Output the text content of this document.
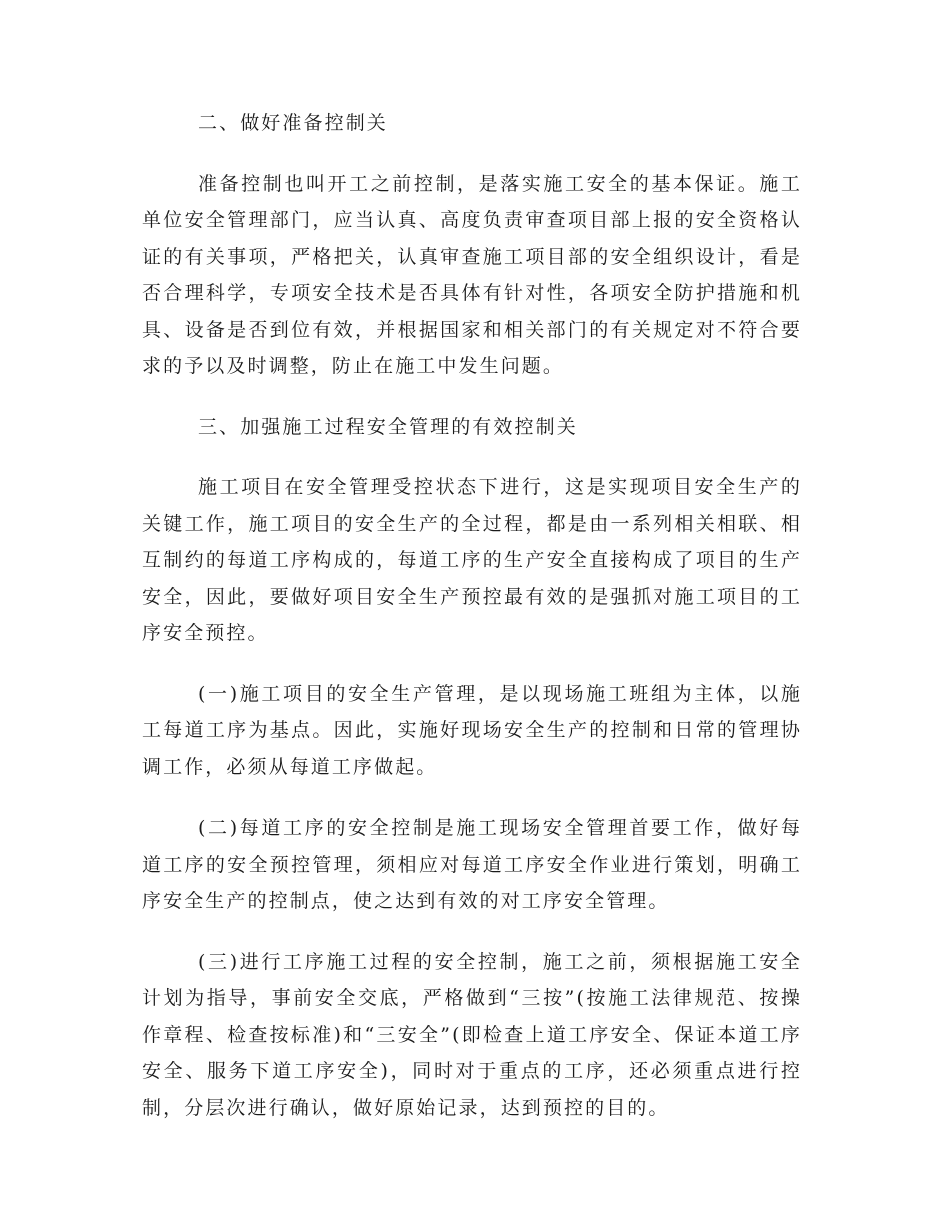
二、做好准备控制关

准备控制也叫开工之前控制，是落实施工安全的基本保证。施工单位安全管理部门，应当认真、高度负责审查项目部上报的安全资格认证的有关事项，严格把关，认真审查施工项目部的安全组织设计，看是否合理科学，专项安全技术是否具体有针对性，各项安全防护措施和机具、设备是否到位有效，并根据国家和相关部门的有关规定对不符合要求的予以及时调整，防止在施工中发生问题。

三、加强施工过程安全管理的有效控制关

施工项目在安全管理受控状态下进行，这是实现项目安全生产的关键工作，施工项目的安全生产的全过程，都是由一系列相关相联、相互制约的每道工序构成的，每道工序的生产安全直接构成了项目的生产安全，因此，要做好项目安全生产预控最有效的是强抓对施工项目的工序安全预控。

(一)施工项目的安全生产管理，是以现场施工班组为主体，以施工每道工序为基点。因此，实施好现场安全生产的控制和日常的管理协调工作，必须从每道工序做起。

(二)每道工序的安全控制是施工现场安全管理首要工作，做好每道工序的安全预控管理，须相应对每道工序安全作业进行策划，明确工序安全生产的控制点，使之达到有效的对工序安全管理。

(三)进行工序施工过程的安全控制，施工之前，须根据施工安全计划为指导，事前安全交底，严格做到“三按”(按施工法律规范、按操作章程、检查按标准)和“三安全”(即检查上道工序安全、保证本道工序安全、服务下道工序安全)，同时对于重点的工序，还必须重点进行控制，分层次进行确认，做好原始记录，达到预控的目的。
